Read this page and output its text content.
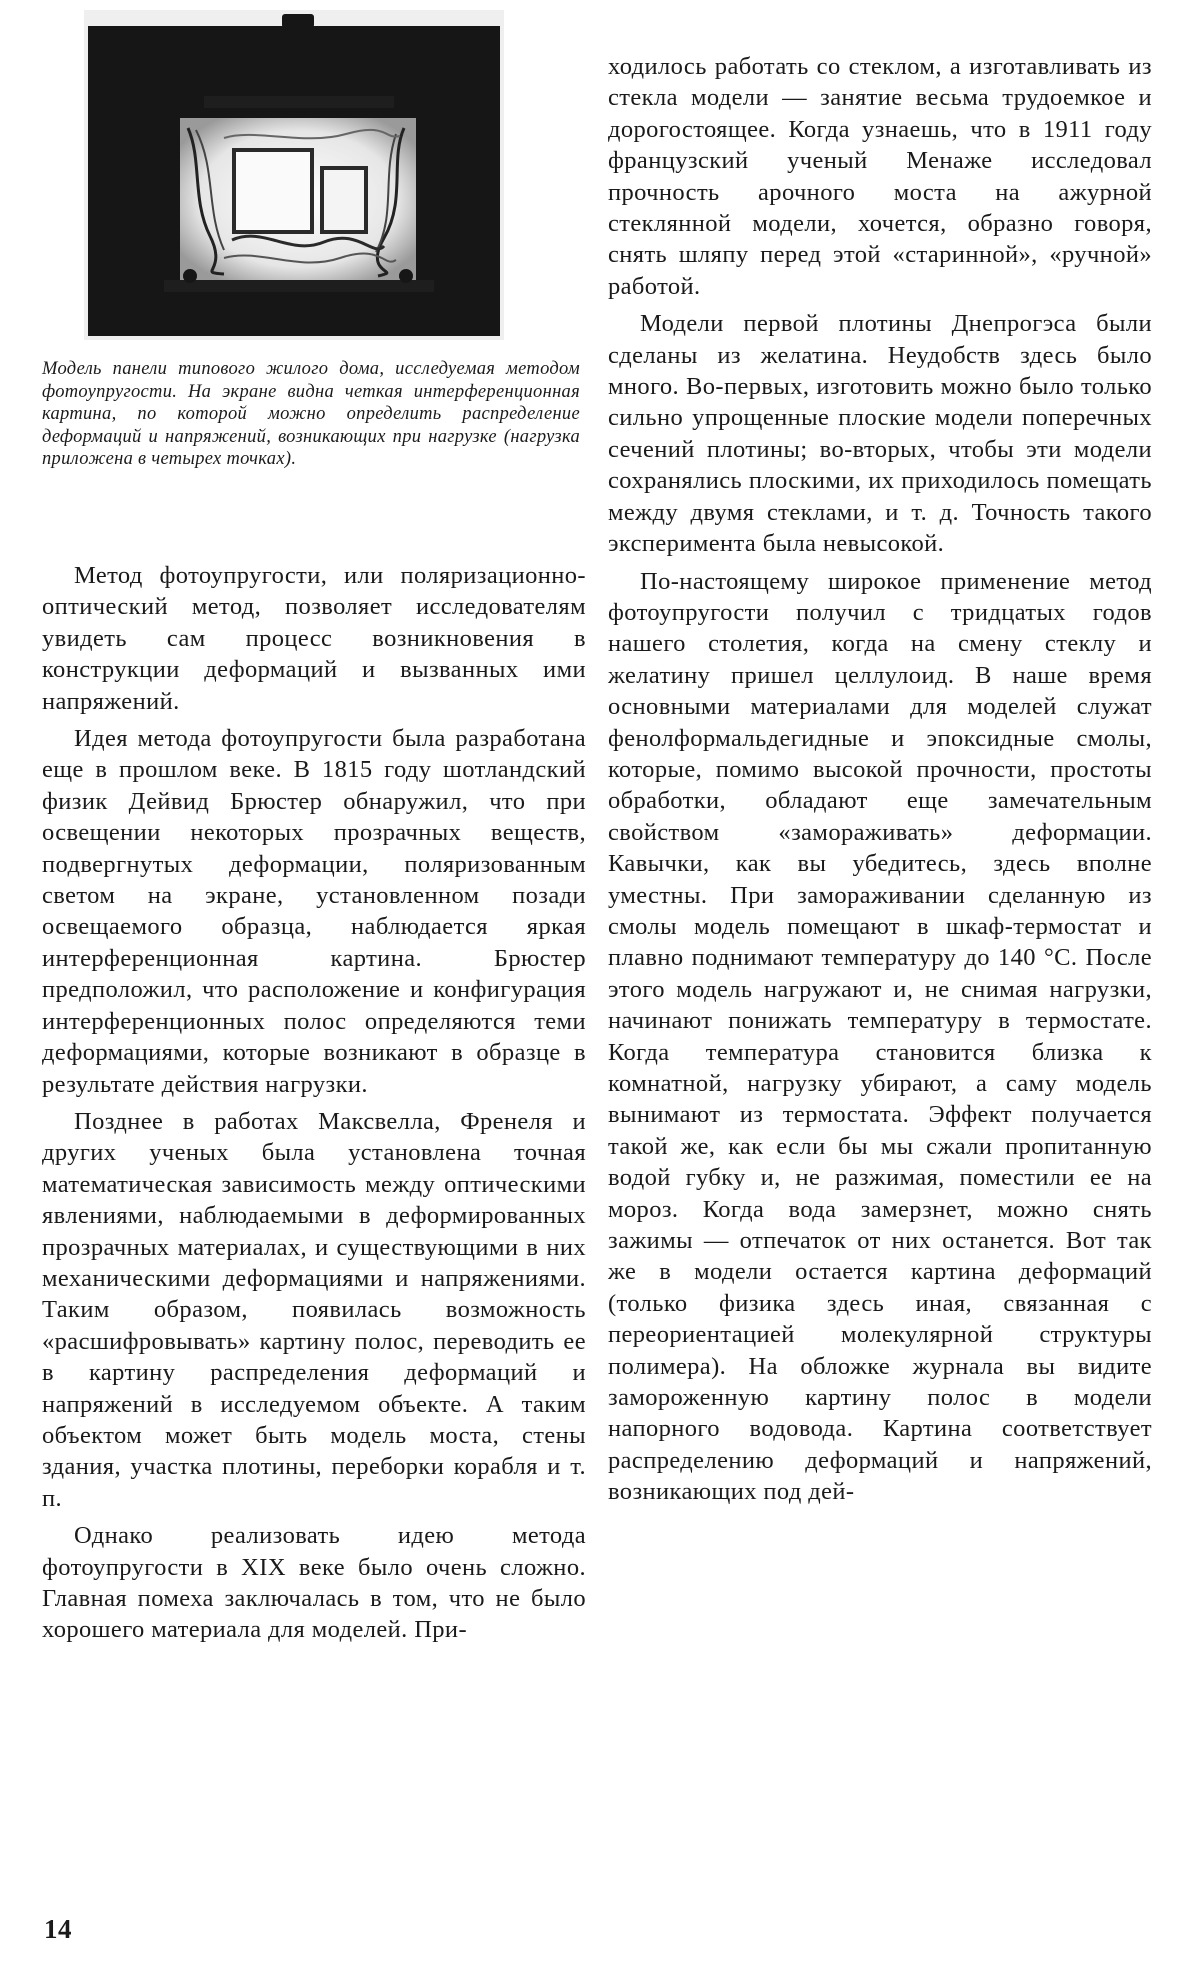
Модель панели типового жилого дома, исследуемая методом фотоупругости. На экране видна четкая интерференционная картина, по которой можно определить распределение деформаций и напряжений, возникающих при нагрузке (нагрузка приложена в четырех точках).

Метод фотоупругости, или поляризационно-оптический метод, позволяет исследователям увидеть сам процесс возникновения в конструкции деформаций и вызванных ими напряжений.

Идея метода фотоупругости была разработана еще в прошлом веке. В 1815 году шотландский физик Дейвид Брюстер обнаружил, что при освещении некоторых прозрачных веществ, подвергнутых деформации, поляризованным светом на экране, установленном позади освещаемого образца, наблюдается яркая интерференционная картина. Брюстер предположил, что расположение и конфигурация интерференционных полос определяются теми деформациями, которые возникают в образце в результате действия нагрузки.

Позднее в работах Максвелла, Френеля и других ученых была установлена точная математическая зависимость между оптическими явлениями, наблюдаемыми в деформированных прозрачных материалах, и существующими в них механическими деформациями и напряжениями. Таким образом, появилась возможность «расшифровывать» картину полос, переводить ее в картину распределения деформаций и напряжений в исследуемом объекте. А таким объектом может быть модель моста, стены здания, участка плотины, переборки корабля и т. п.

Однако реализовать идею метода фотоупругости в XIX веке было очень сложно. Главная помеха заключалась в том, что не было хорошего материала для моделей. При-

ходилось работать со стеклом, а изготавливать из стекла модели — занятие весьма трудоемкое и дорогостоящее. Когда узнаешь, что в 1911 году французский ученый Менаже исследовал прочность арочного моста на ажурной стеклянной модели, хочется, образно говоря, снять шляпу перед этой «старинной», «ручной» работой.

Модели первой плотины Днепрогэса были сделаны из желатина. Неудобств здесь было много. Во-первых, изготовить можно было только сильно упрощенные плоские модели поперечных сечений плотины; во-вторых, чтобы эти модели сохранялись плоскими, их приходилось помещать между двумя стеклами, и т. д. Точность такого эксперимента была невысокой.

По-настоящему широкое применение метод фотоупругости получил с тридцатых годов нашего столетия, когда на смену стеклу и желатину пришел целлулоид. В наше время основными материалами для моделей служат фенолформальдегидные и эпоксидные смолы, которые, помимо высокой прочности, простоты обработки, обладают еще замечательным свойством «замораживать» деформации. Кавычки, как вы убедитесь, здесь вполне уместны. При замораживании сделанную из смолы модель помещают в шкаф-термостат и плавно поднимают температуру до 140 °С. После этого модель нагружают и, не снимая нагрузки, начинают понижать температуру в термостате. Когда температура становится близка к комнатной, нагрузку убирают, а саму модель вынимают из термостата. Эффект получается такой же, как если бы мы сжали пропитанную водой губку и, не разжимая, поместили ее на мороз. Когда вода замерзнет, можно снять зажимы — отпечаток от них останется. Вот так же в модели остается картина деформаций (только физика здесь иная, связанная с переориентацией молекулярной структуры полимера). На обложке журнала вы видите замороженную картину полос в модели напорного водовода. Картина соответствует распределению деформаций и напряжений, возникающих под дей-

14
